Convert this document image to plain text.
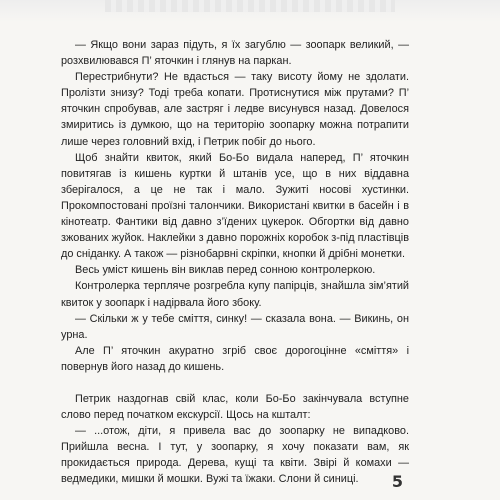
— Якщо вони зараз підуть, я їх загублю — зоопарк великий, — розхвилювався П’ яточкин і глянув на паркан.

Перестрибнути? Не вдасться — таку висоту йому не здолати. Пролізти знизу? Тоді треба копати. Протиснутися між прутами? П’ яточкин спробував, але застряг і ледве висунувся назад. Довелося змиритись із думкою, що на територію зоопарку можна потрапити лише через головний вхід, і Петрик побіг до нього.

Щоб знайти квиток, який Бо-Бо видала наперед, П’ яточкин повитягав із кишень куртки й штанів усе, що в них віддавна зберігалося, а це не так і мало. Зужиті носові хустинки. Прокомпостовані проїзні талончики. Використані квитки в басейн і в кінотеатр. Фантики від давно з’їдених цукерок. Обгортки від давно зжованих жуйок. Наклейки з давно порожніх коробок з-під пластівців до сніданку. А також — різнобарвні скріпки, кнопки й дрібні монетки.

Весь уміст кишень він виклав перед сонною контролеркою.

Контролерка терпляче розгребла купу папірців, знайшла зім’ятий квиток у зоопарк і надірвала його збоку.

— Скільки ж у тебе сміття, синку! — сказала вона. — Викинь, он урна.

Але П’ яточкин акуратно згріб своє дорогоцінне «сміття» і повернув його назад до кишень.

Петрик наздогнав свій клас, коли Бо-Бо закінчувала вступне слово перед початком екскурсії. Щось на кшталт:

— ...отож, діти, я привела вас до зоопарку не випадково. Прийшла весна. І тут, у зоопарку, я хочу показати вам, як прокидається природа. Дерева, кущі та квіти. Звірі й комахи — ведмедики, мишки й мошки. Вужі та їжаки. Слони й синиці.	5
